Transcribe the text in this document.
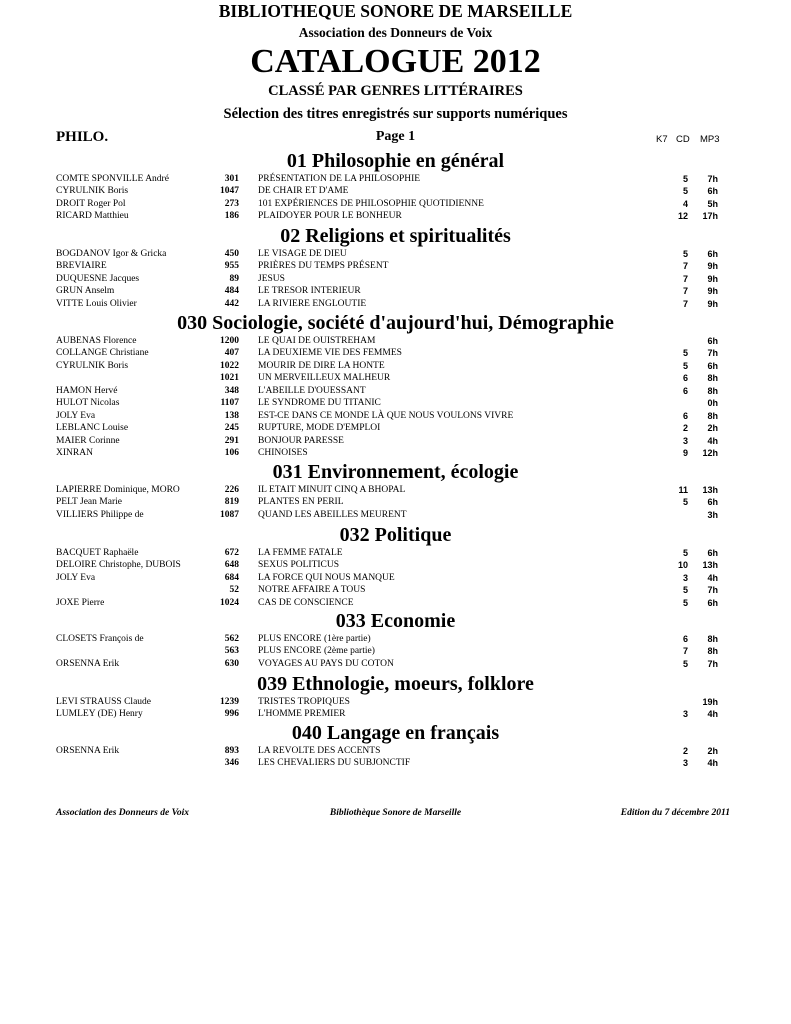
BIBLIOTHEQUE SONORE DE MARSEILLE
Association des Donneurs de Voix
CATALOGUE 2012
CLASSÉ PAR GENRES LITTÉRAIRES
Sélection des titres enregistrés sur supports numériques
PHILO.	Page 1	K7 CD MP3
01 Philosophie en général
COMTE SPONVILLE André	301 PRÉSENTATION DE LA PHILOSOPHIE	5	7h
CYRULNIK Boris	1047 DE CHAIR ET D'AME	5	6h
DROIT Roger Pol	273 101 EXPÉRIENCES DE PHILOSOPHIE QUOTIDIENNE	4	5h
RICARD Matthieu	186 PLAIDOYER POUR LE BONHEUR	12	17h
02 Religions et spiritualités
BOGDANOV Igor & Gricka	450 LE VISAGE DE DIEU	5	6h
BREVIAIRE	955 PRIÈRES DU TEMPS PRÉSENT	7	9h
DUQUESNE Jacques	89 JESUS	7	9h
GRUN Anselm	484 LE TRESOR INTERIEUR	7	9h
VITTE Louis Olivier	442 LA RIVIERE ENGLOUTIE	7	9h
030 Sociologie, société d'aujourd'hui, Démographie
AUBENAS Florence	1200 LE QUAI DE OUISTREHAM	6h
COLLANGE Christiane	407 LA DEUXIEME VIE DES FEMMES	5	7h
CYRULNIK Boris	1022 MOURIR DE DIRE LA HONTE	5	6h
1021 UN MERVEILLEUX MALHEUR	6	8h
HAMON Hervé	348 L'ABEILLE D'OUESSANT	6	8h
HULOT Nicolas	1107 LE SYNDROME DU TITANIC	0h
JOLY Eva	138 EST-CE DANS CE MONDE LÀ QUE NOUS VOULONS VIVRE	6	8h
LEBLANC Louise	245 RUPTURE, MODE D'EMPLOI	2	2h
MAIER Corinne	291 BONJOUR PARESSE	3	4h
XINRAN	106 CHINOISES	9	12h
031 Environnement, écologie
LAPIERRE Dominique, MORO	226 IL ETAIT MINUIT CINQ A BHOPAL	11	13h
PELT Jean Marie	819 PLANTES EN PERIL	5	6h
VILLIERS Philippe de	1087 QUAND LES ABEILLES MEURENT	3h
032 Politique
BACQUET Raphaële	672 LA FEMME FATALE	5	6h
DELOIRE Christophe, DUBOIS	648 SEXUS POLITICUS	10	13h
JOLY Eva	684 LA FORCE QUI NOUS MANQUE	3	4h
52 NOTRE AFFAIRE A TOUS	5	7h
JOXE Pierre	1024 CAS DE CONSCIENCE	5	6h
033 Economie
CLOSETS François de	562 PLUS ENCORE (1ère partie)	6	8h
563 PLUS ENCORE (2ème partie)	7	8h
ORSENNA Erik	630 VOYAGES AU PAYS DU COTON	5	7h
039 Ethnologie, moeurs, folklore
LEVI STRAUSS Claude	1239 TRISTES TROPIQUES	19h
LUMLEY (DE) Henry	996 L'HOMME PREMIER	3	4h
040 Langage en français
ORSENNA Erik	893 LA REVOLTE DES ACCENTS	2	2h
346 LES CHEVALIERS DU SUBJONCTIF	3	4h
Association des Donneurs de Voix	Bibliothèque Sonore de Marseille	Edition du 7 décembre 2011
